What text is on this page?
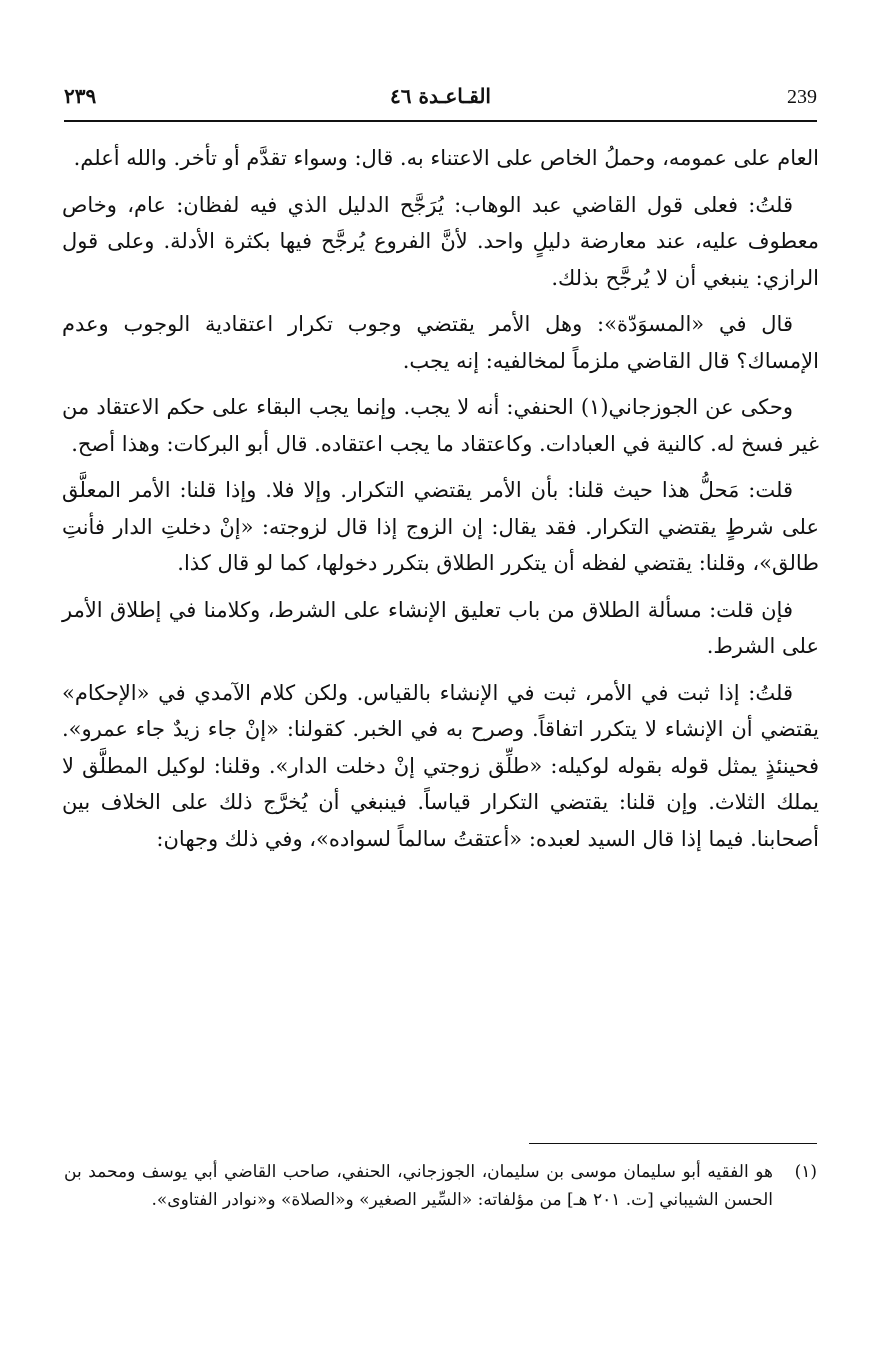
239
القـاعـدة ٤٦
٢٣٩

العام على عمومه، وحملُ الخاص على الاعتناء به. قال: وسواء تقدَّم أو تأخر. والله أعلم.

قلتُ: فعلى قول القاضي عبد الوهاب: يُرَجَّح الدليل الذي فيه لفظان: عام، وخاص معطوف عليه، عند معارضة دليلٍ واحد. لأنَّ الفروع يُرجَّح فيها بكثرة الأدلة. وعلى قول الرازي: ينبغي أن لا يُرجَّح بذلك.

قال في «المسوَدّة»: وهل الأمر يقتضي وجوب تكرار اعتقادية الوجوب وعدم الإمساك؟ قال القاضي ملزماً لمخالفيه: إنه يجب.

وحكى عن الجوزجاني(١) الحنفي: أنه لا يجب. وإنما يجب البقاء على حكم الاعتقاد من غير فسخ له. كالنية في العبادات. وكاعتقاد ما يجب اعتقاده. قال أبو البركات: وهذا أصح.

قلت: مَحلُّ هذا حيث قلنا: بأن الأمر يقتضي التكرار. وإلا فلا. وإذا قلنا: الأمر المعلَّق على شرطٍ يقتضي التكرار. فقد يقال: إن الزوج إذا قال لزوجته: «إنْ دخلتِ الدار فأنتِ طالق»، وقلنا: يقتضي لفظه أن يتكرر الطلاق بتكرر دخولها، كما لو قال كذا.

فإن قلت: مسألة الطلاق من باب تعليق الإنشاء على الشرط، وكلامنا في إطلاق الأمر على الشرط.

قلتُ: إذا ثبت في الأمر، ثبت في الإنشاء بالقياس. ولكن كلام الآمدي في «الإحكام» يقتضي أن الإنشاء لا يتكرر اتفاقاً. وصرح به في الخبر. كقولنا: «إنْ جاء زيدٌ جاء عمرو». فحينئذٍ يمثل قوله بقوله لوكيله: «طلِّق زوجتي إنْ دخلت الدار». وقلنا: لوكيل المطلَّق لا يملك الثلاث. وإن قلنا: يقتضي التكرار قياساً. فينبغي أن يُخرَّج ذلك على الخلاف بين أصحابنا. فيما إذا قال السيد لعبده: «أعتقتُ سالماً لسواده»، وفي ذلك وجهان:

(١)
هو الفقيه أبو سليمان موسى بن سليمان، الجوزجاني، الحنفي، صاحب القاضي أبي يوسف ومحمد بن الحسن الشيباني [ت. ٢٠١ هـ] من مؤلفاته: «السِّير الصغير» و«الصلاة» و«نوادر الفتاوى».
